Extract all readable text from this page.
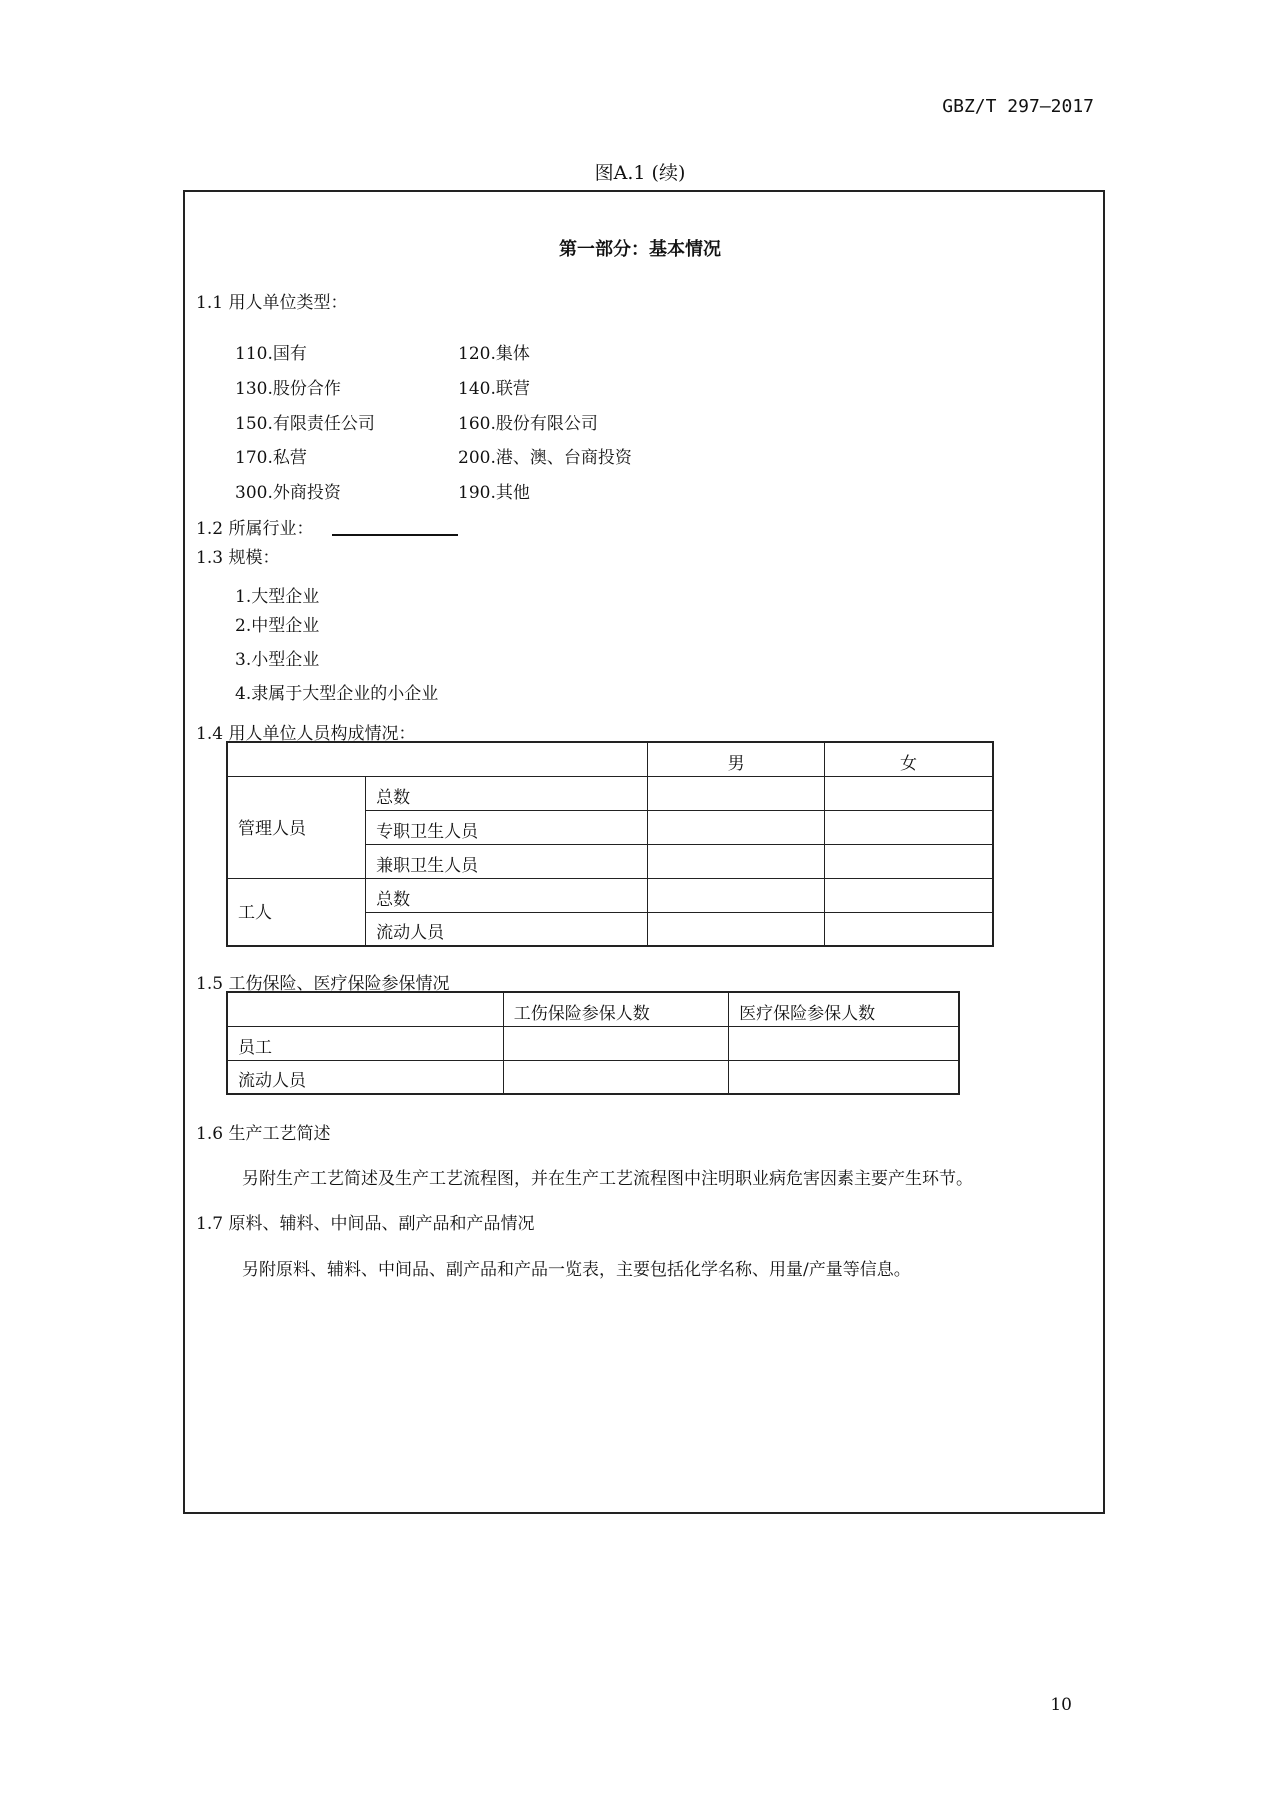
GBZ/T 297—2017
图A.1 (续)
第一部分：基本情况
1.1 用人单位类型：
110.国有	120.集体
130.股份合作	140.联营
150.有限责任公司	160.股份有限公司
170.私营	200.港、澳、台商投资
300.外商投资	190.其他
1.2 所属行业：
1.3 规模：
1.大型企业
2.中型企业
3.小型企业
4.隶属于大型企业的小企业
1.4 用人单位人员构成情况：
		男	女
管理人员	总数		
	专职卫生人员		
	兼职卫生人员		
工人	总数		
	流动人员		
1.5 工伤保险、医疗保险参保情况
	工伤保险参保人数	医疗保险参保人数
员工		
流动人员		
1.6 生产工艺简述
另附生产工艺简述及生产工艺流程图，并在生产工艺流程图中注明职业病危害因素主要产生环节。
1.7 原料、辅料、中间品、副产品和产品情况
另附原料、辅料、中间品、副产品和产品一览表，主要包括化学名称、用量/产量等信息。
10
